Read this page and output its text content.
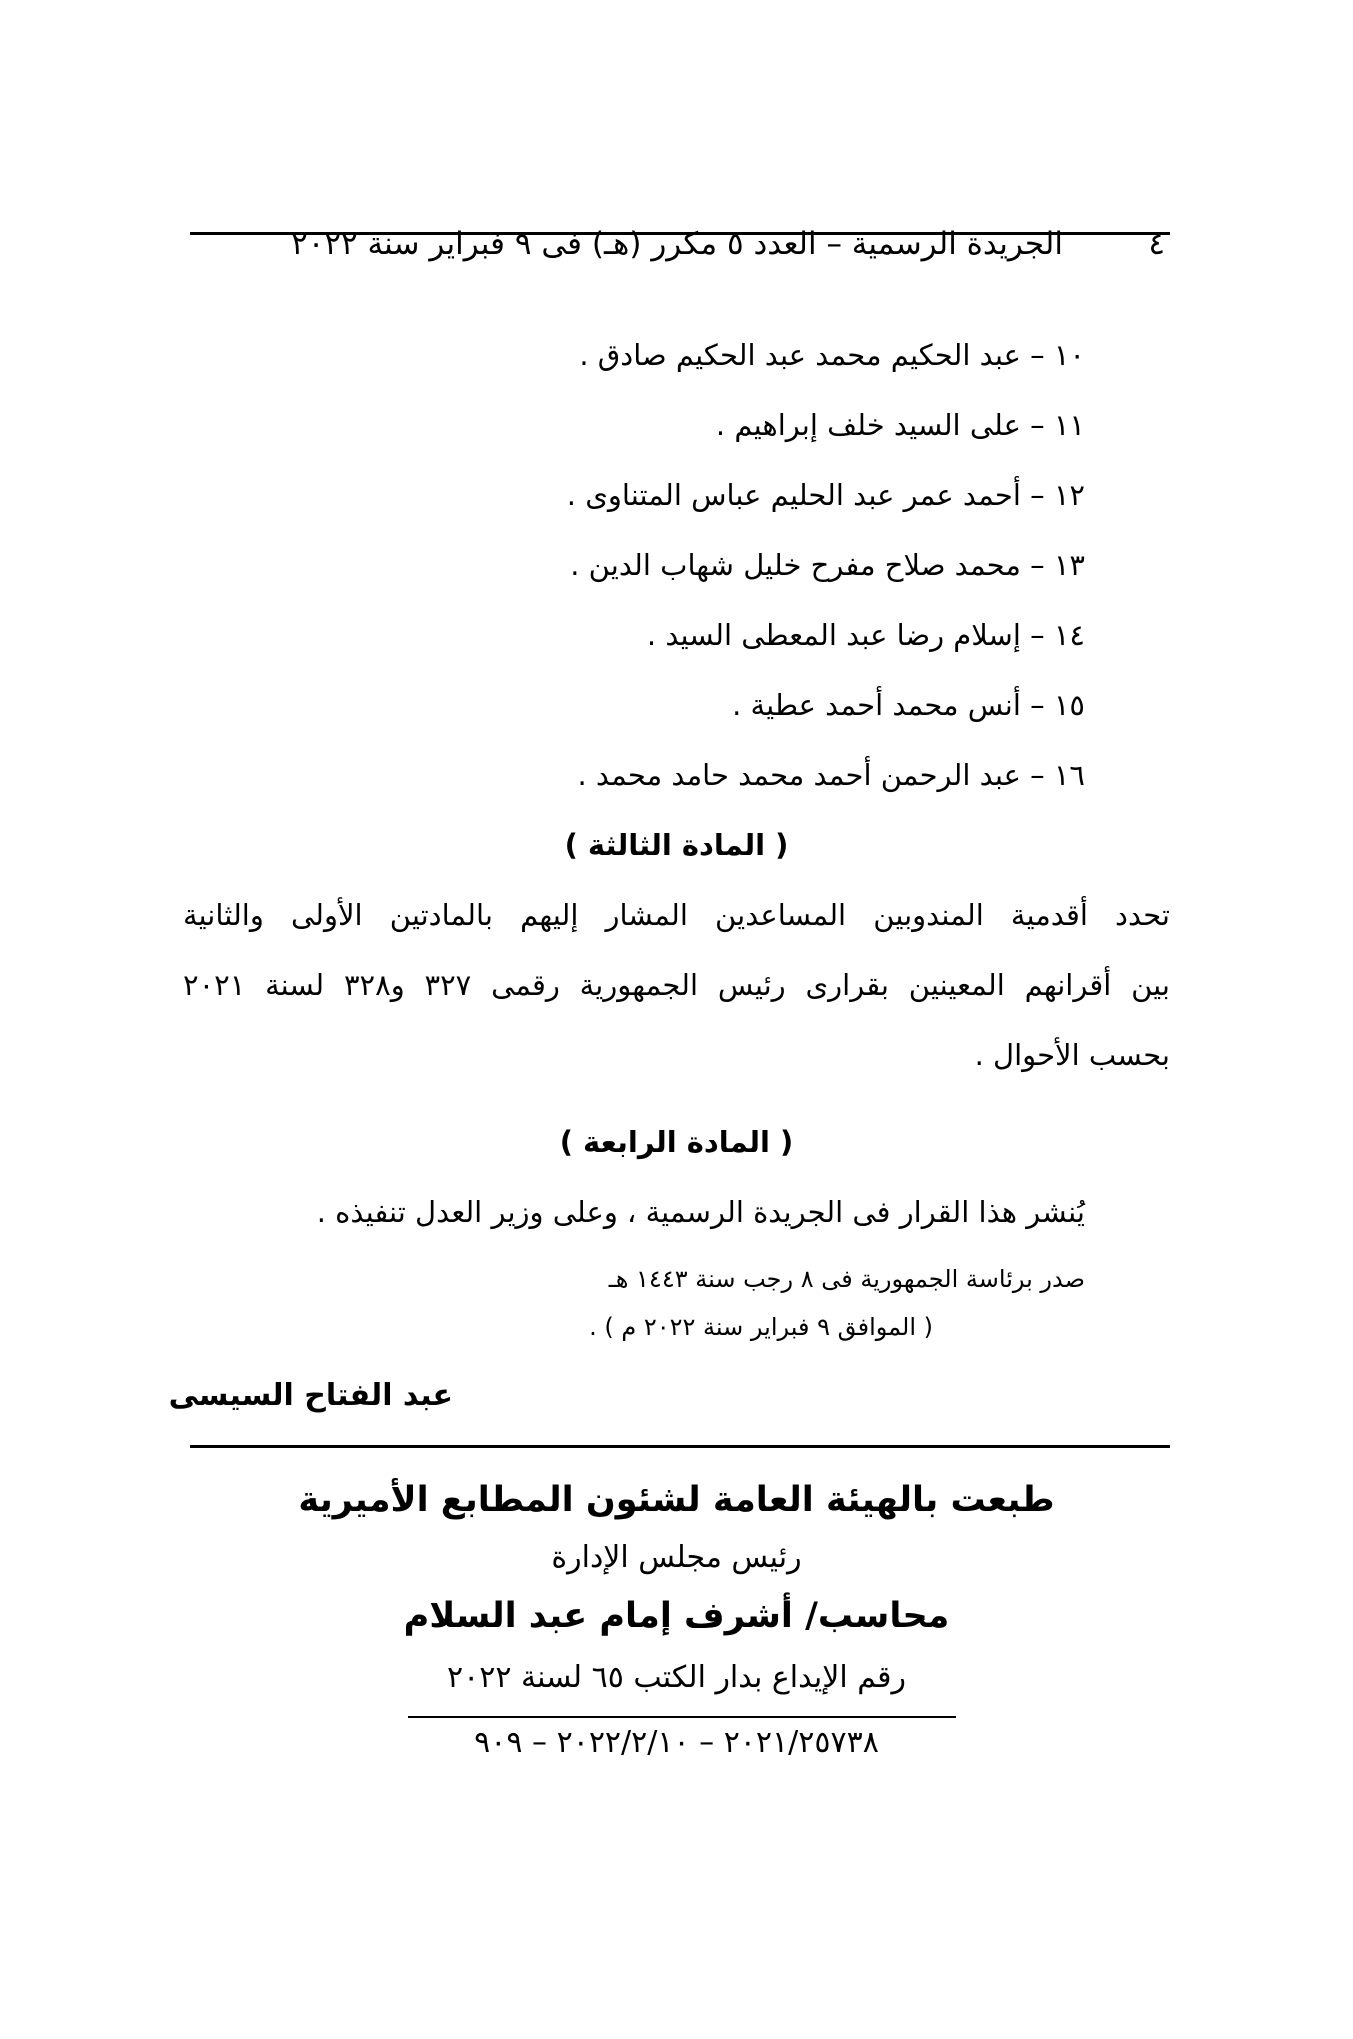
٤
الجريدة الرسمية – العدد ٥ مكرر (هـ) فى ٩ فبراير سنة ٢٠٢٢
١٠ – عبد الحكيم محمد عبد الحكيم صادق .
١١ – على السيد خلف إبراهيم .
١٢ – أحمد عمر عبد الحليم عباس المتناوى .
١٣ – محمد صلاح مفرح خليل شهاب الدين .
١٤ – إسلام رضا عبد المعطى السيد .
١٥ – أنس محمد أحمد عطية .
١٦ – عبد الرحمن أحمد محمد حامد محمد .
( المادة الثالثة )
تحدد أقدمية المندوبين المساعدين المشار إليهم بالمادتين الأولى والثانية
بين أقرانهم المعينين بقرارى رئيس الجمهورية رقمى ٣٢٧ و٣٢٨ لسنة ٢٠٢١
بحسب الأحوال .
( المادة الرابعة )
يُنشر هذا القرار فى الجريدة الرسمية ، وعلى وزير العدل تنفيذه .
صدر برئاسة الجمهورية فى ٨ رجب سنة ١٤٤٣ هـ
( الموافق ٩ فبراير سنة ٢٠٢٢ م ) .
عبد الفتاح السيسى
طبعت بالهيئة العامة لشئون المطابع الأميرية
رئيس مجلس الإدارة
محاسب/ أشرف إمام عبد السلام
رقم الإيداع بدار الكتب ٦٥ لسنة ٢٠٢٢
٢٠٢١/٢٥٧٣٨ – ٢٠٢٢/٢/١٠ – ٩٠٩
